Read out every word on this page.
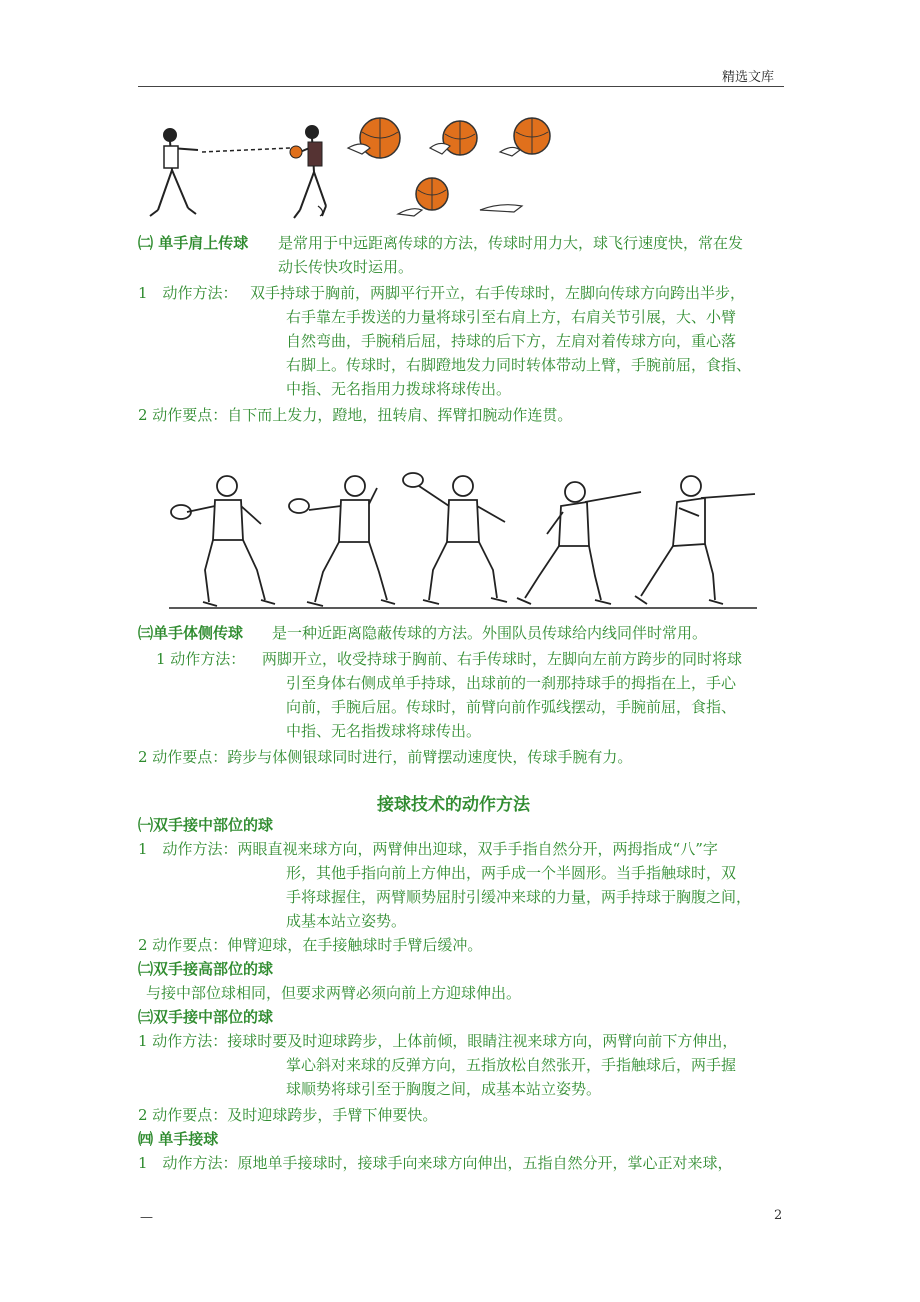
精选文库
㈡ 单手肩上传球 是常用于中远距离传球的方法，传球时用力大，球飞行速度快，常在发
动长传快攻时运用。
1　动作方法： 双手持球于胸前，两脚平行开立，右手传球时，左脚向传球方向跨出半步，
右手靠左手拨送的力量将球引至右肩上方，右肩关节引展，大、小臂
自然弯曲，手腕稍后屈，持球的后下方，左肩对着传球方向，重心落
右脚上。传球时，右脚蹬地发力同时转体带动上臂，手腕前屈，食指、
中指、无名指用力拨球将球传出。
2 动作要点：自下而上发力，蹬地，扭转肩、挥臂扣腕动作连贯。
㈢单手体侧传球 是一种近距离隐蔽传球的方法。外围队员传球给内线同伴时常用。
1 动作方法： 两脚开立，收受持球于胸前、右手传球时，左脚向左前方跨步的同时将球
引至身体右侧成单手持球，出球前的一刹那持球手的拇指在上，手心
向前，手腕后屈。传球时，前臂向前作弧线摆动，手腕前屈，食指、
中指、无名指拨球将球传出。
2 动作要点：跨步与体侧银球同时进行，前臂摆动速度快，传球手腕有力。
接球技术的动作方法
㈠双手接中部位的球
1　动作方法：两眼直视来球方向，两臂伸出迎球，双手手指自然分开，两拇指成“八”字
形，其他手指向前上方伸出，两手成一个半圆形。当手指触球时，双
手将球握住，两臂顺势屈肘引缓冲来球的力量，两手持球于胸腹之间，
成基本站立姿势。
2 动作要点：伸臂迎球，在手接触球时手臂后缓冲。
㈡双手接高部位的球
与接中部位球相同，但要求两臂必须向前上方迎球伸出。
㈢双手接中部位的球
1 动作方法：接球时要及时迎球跨步，上体前倾，眼睛注视来球方向，两臂向前下方伸出，
掌心斜对来球的反弹方向，五指放松自然张开，手指触球后，两手握
球顺势将球引至于胸腹之间，成基本站立姿势。
2 动作要点：及时迎球跨步，手臂下伸要快。
㈣ 单手接球
1　动作方法：原地单手接球时，接球手向来球方向伸出，五指自然分开，掌心正对来球，
—	2
